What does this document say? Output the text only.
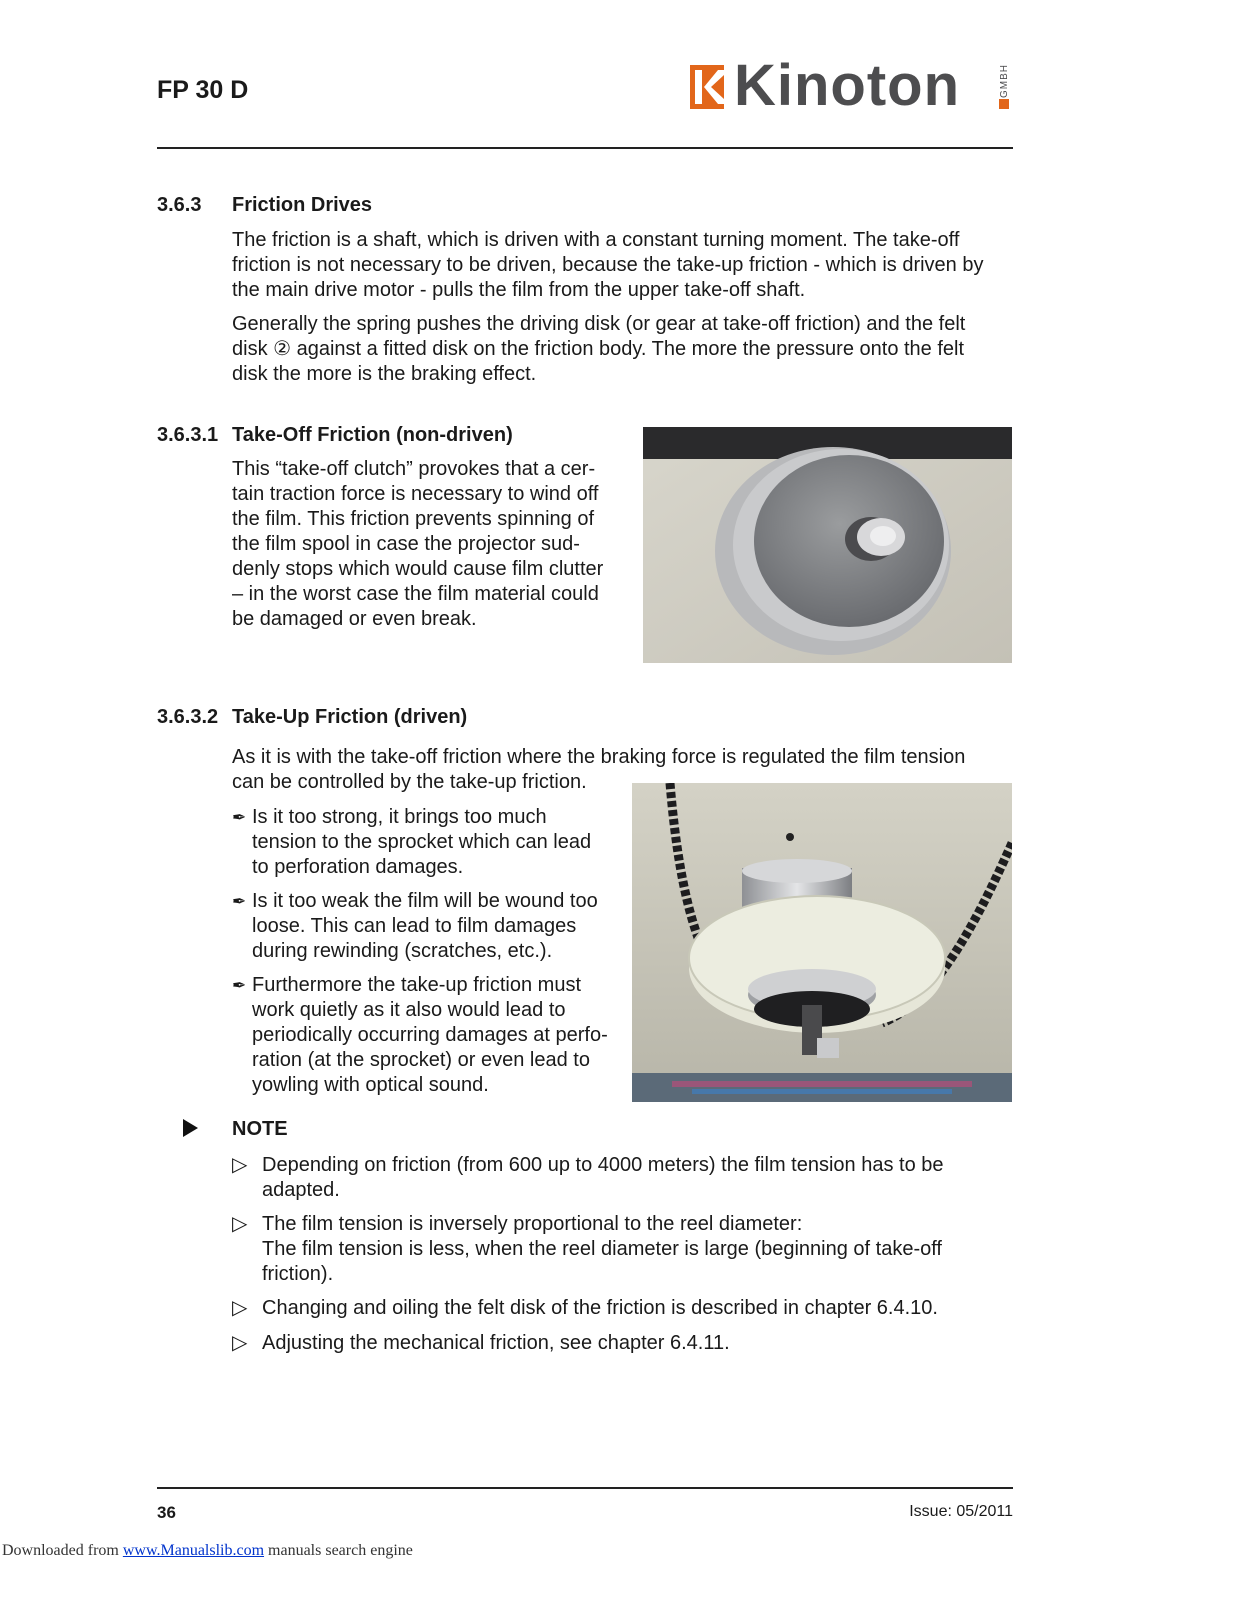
FP 30 D	Kinoton	GMBH
3.6.3 Friction Drives
The friction is a shaft, which is driven with a constant turning moment. The take-off friction is not necessary to be driven, because the take-up friction - which is driven by the main drive motor - pulls the film from the upper take-off shaft.
Generally the spring pushes the driving disk (or gear at take-off friction) and the felt disk ② against a fitted disk on the friction body. The more the pressure onto the felt disk the more is the braking effect.
3.6.3.1 Take-Off Friction (non-driven)
This “take-off clutch” provokes that a cer-tain traction force is necessary to wind off the film. This friction prevents spinning of the film spool in case the projector sud-denly stops which would cause film clutter – in the worst case the film material could be damaged or even break.
3.6.3.2 Take-Up Friction (driven)
As it is with the take-off friction where the braking force is regulated the film tension can be controlled by the take-up friction.
✒ Is it too strong, it brings too much
tension to the sprocket which can lead
to perforation damages.
✒ Is it too weak the film will be wound too
loose. This can lead to film damages
during rewinding (scratches, etc.).
✒ Furthermore the take-up friction must
work quietly as it also would lead to
periodically occurring damages at perfo-
ration (at the sprocket) or even lead to
yowling with optical sound.
NOTE
▷ Depending on friction (from 600 up to 4000 meters) the film tension has to be
adapted.
▷ The film tension is inversely proportional to the reel diameter:
The film tension is less, when the reel diameter is large (beginning of take-off
friction).
▷ Changing and oiling the felt disk of the friction is described in chapter 6.4.10.
▷ Adjusting the mechanical friction, see chapter 6.4.11.
36	Issue: 05/2011
Downloaded from www.Manualslib.com manuals search engine
